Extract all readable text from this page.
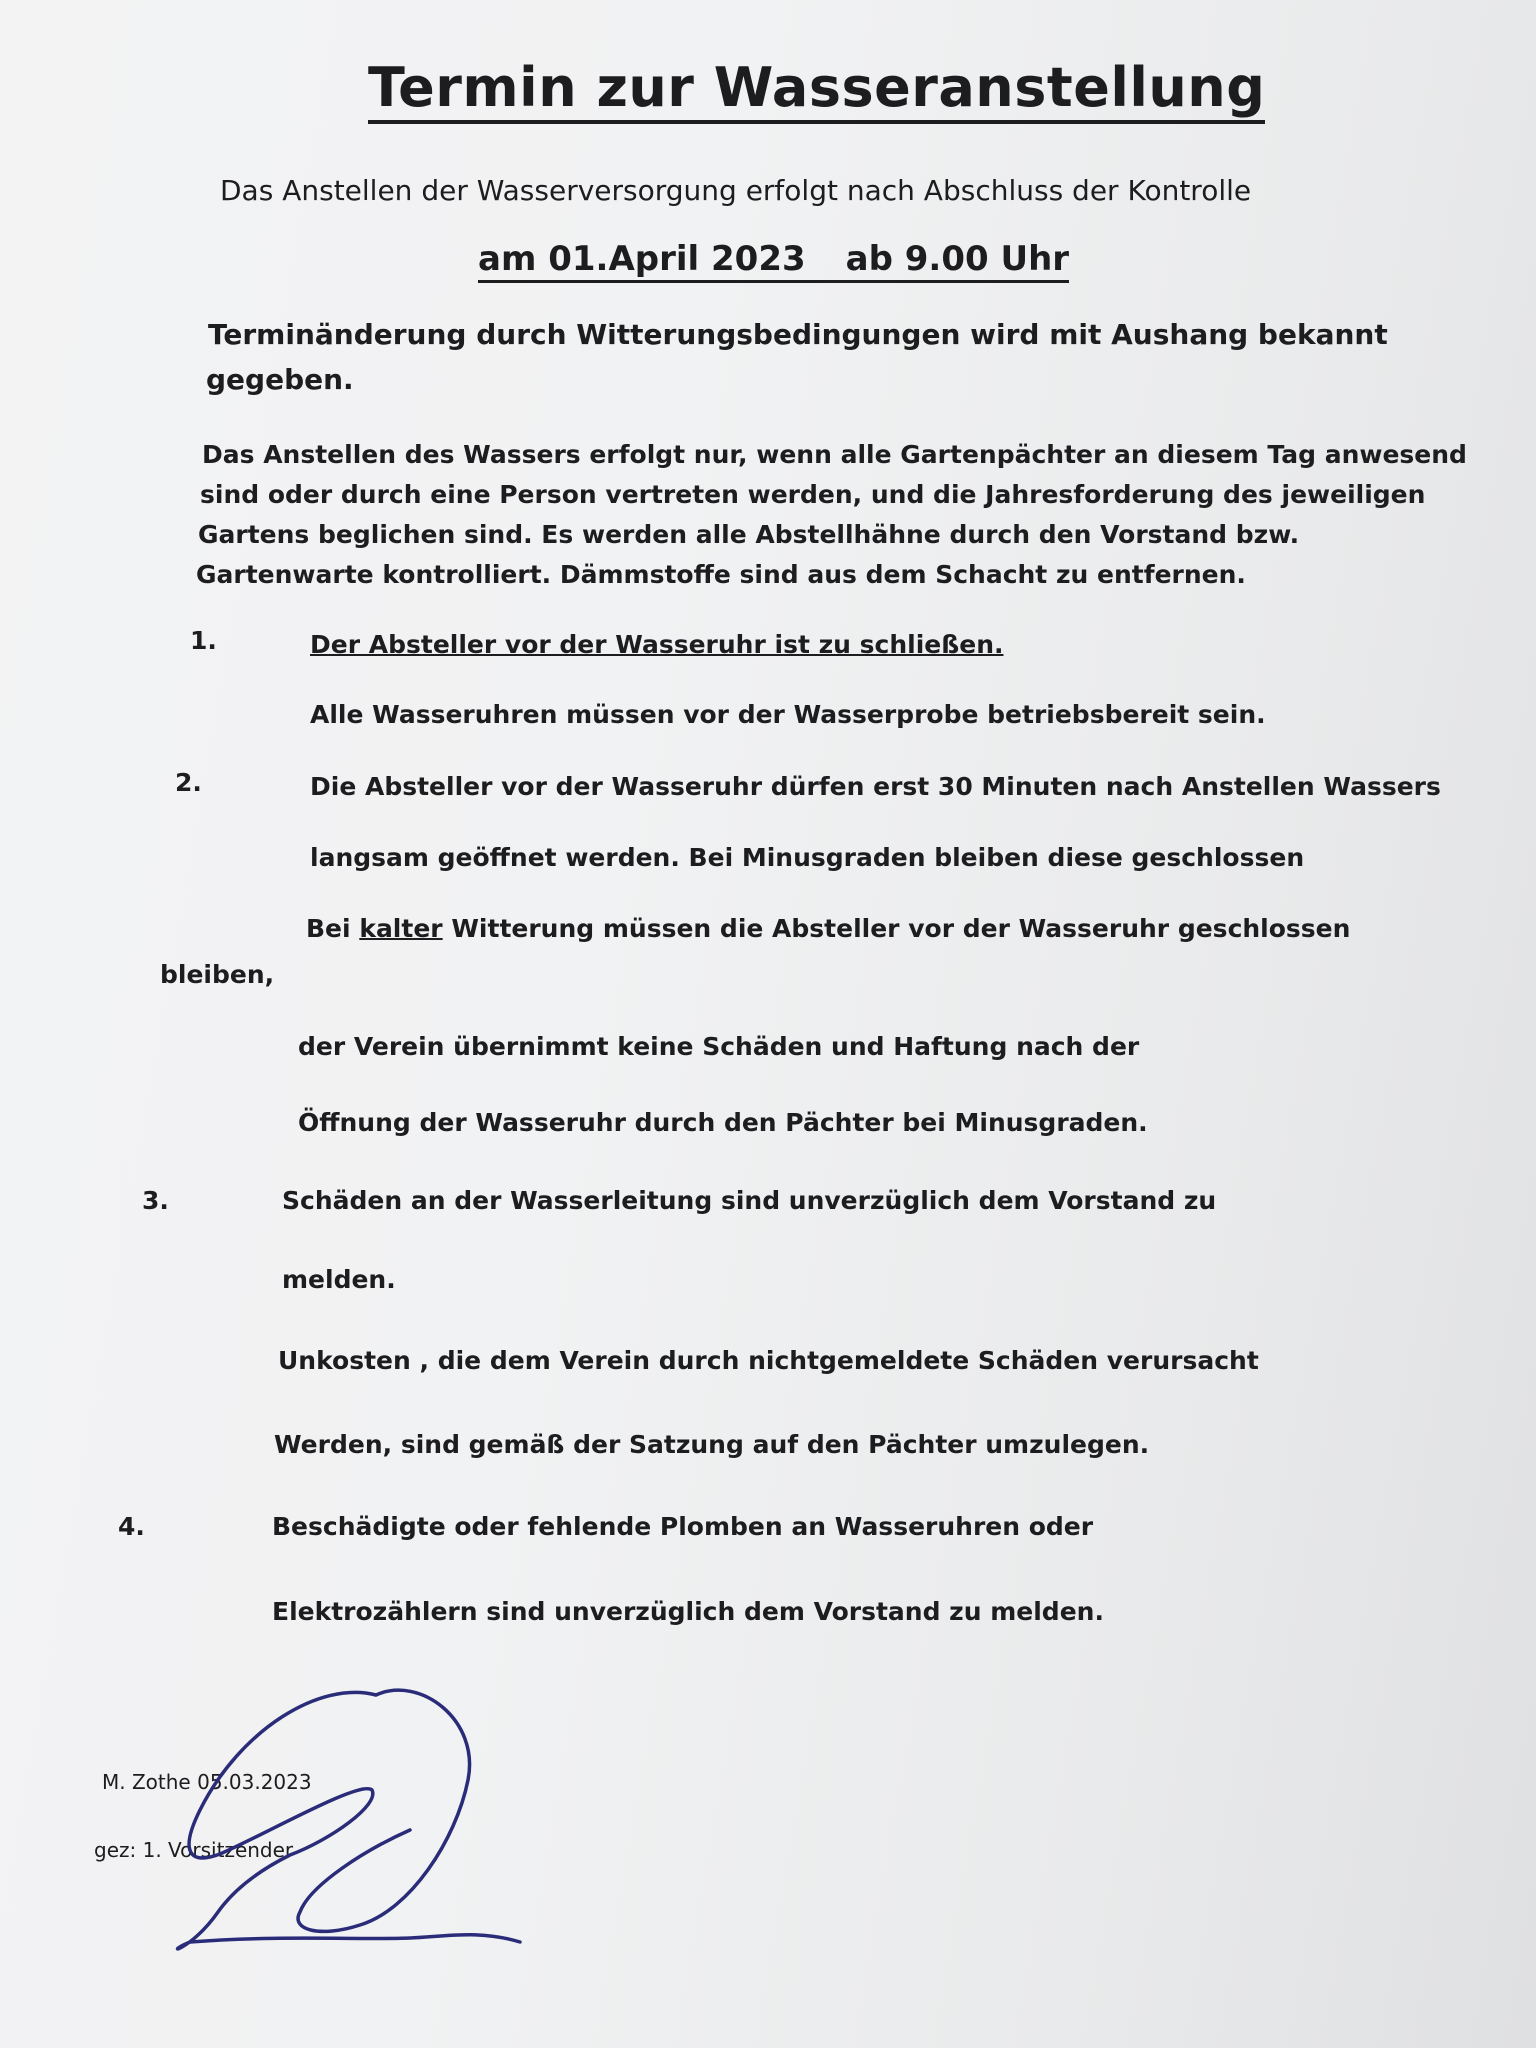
Termin zur Wasseranstellung
Das Anstellen der Wasserversorgung erfolgt nach Abschluss der Kontrolle
am 01.April 2023 ab 9.00 Uhr
Terminänderung durch Witterungsbedingungen wird mit Aushang bekannt
gegeben.
Das Anstellen des Wassers erfolgt nur, wenn alle Gartenpächter an diesem Tag anwesend
sind oder durch eine Person vertreten werden, und die Jahresforderung des jeweiligen
Gartens beglichen sind. Es werden alle Abstellhähne durch den Vorstand bzw.
Gartenwarte kontrolliert. Dämmstoffe sind aus dem Schacht zu entfernen.
1.	Der Absteller vor der Wasseruhr ist zu schließen.
Alle Wasseruhren müssen vor der Wasserprobe betriebsbereit sein.
2.	Die Absteller vor der Wasseruhr dürfen erst 30 Minuten nach Anstellen Wassers
langsam geöffnet werden. Bei Minusgraden bleiben diese geschlossen
Bei kalter Witterung müssen die Absteller vor der Wasseruhr geschlossen
bleiben,
der Verein übernimmt keine Schäden und Haftung nach der
Öffnung der Wasseruhr durch den Pächter bei Minusgraden.
3.	Schäden an der Wasserleitung sind unverzüglich dem Vorstand zu
melden.
Unkosten , die dem Verein durch nichtgemeldete Schäden verursacht
Werden, sind gemäß der Satzung auf den Pächter umzulegen.
4.	Beschädigte oder fehlende Plomben an Wasseruhren oder
Elektrozählern sind unverzüglich dem Vorstand zu melden.
M. Zothe 05.03.2023
gez: 1. Vorsitzender
